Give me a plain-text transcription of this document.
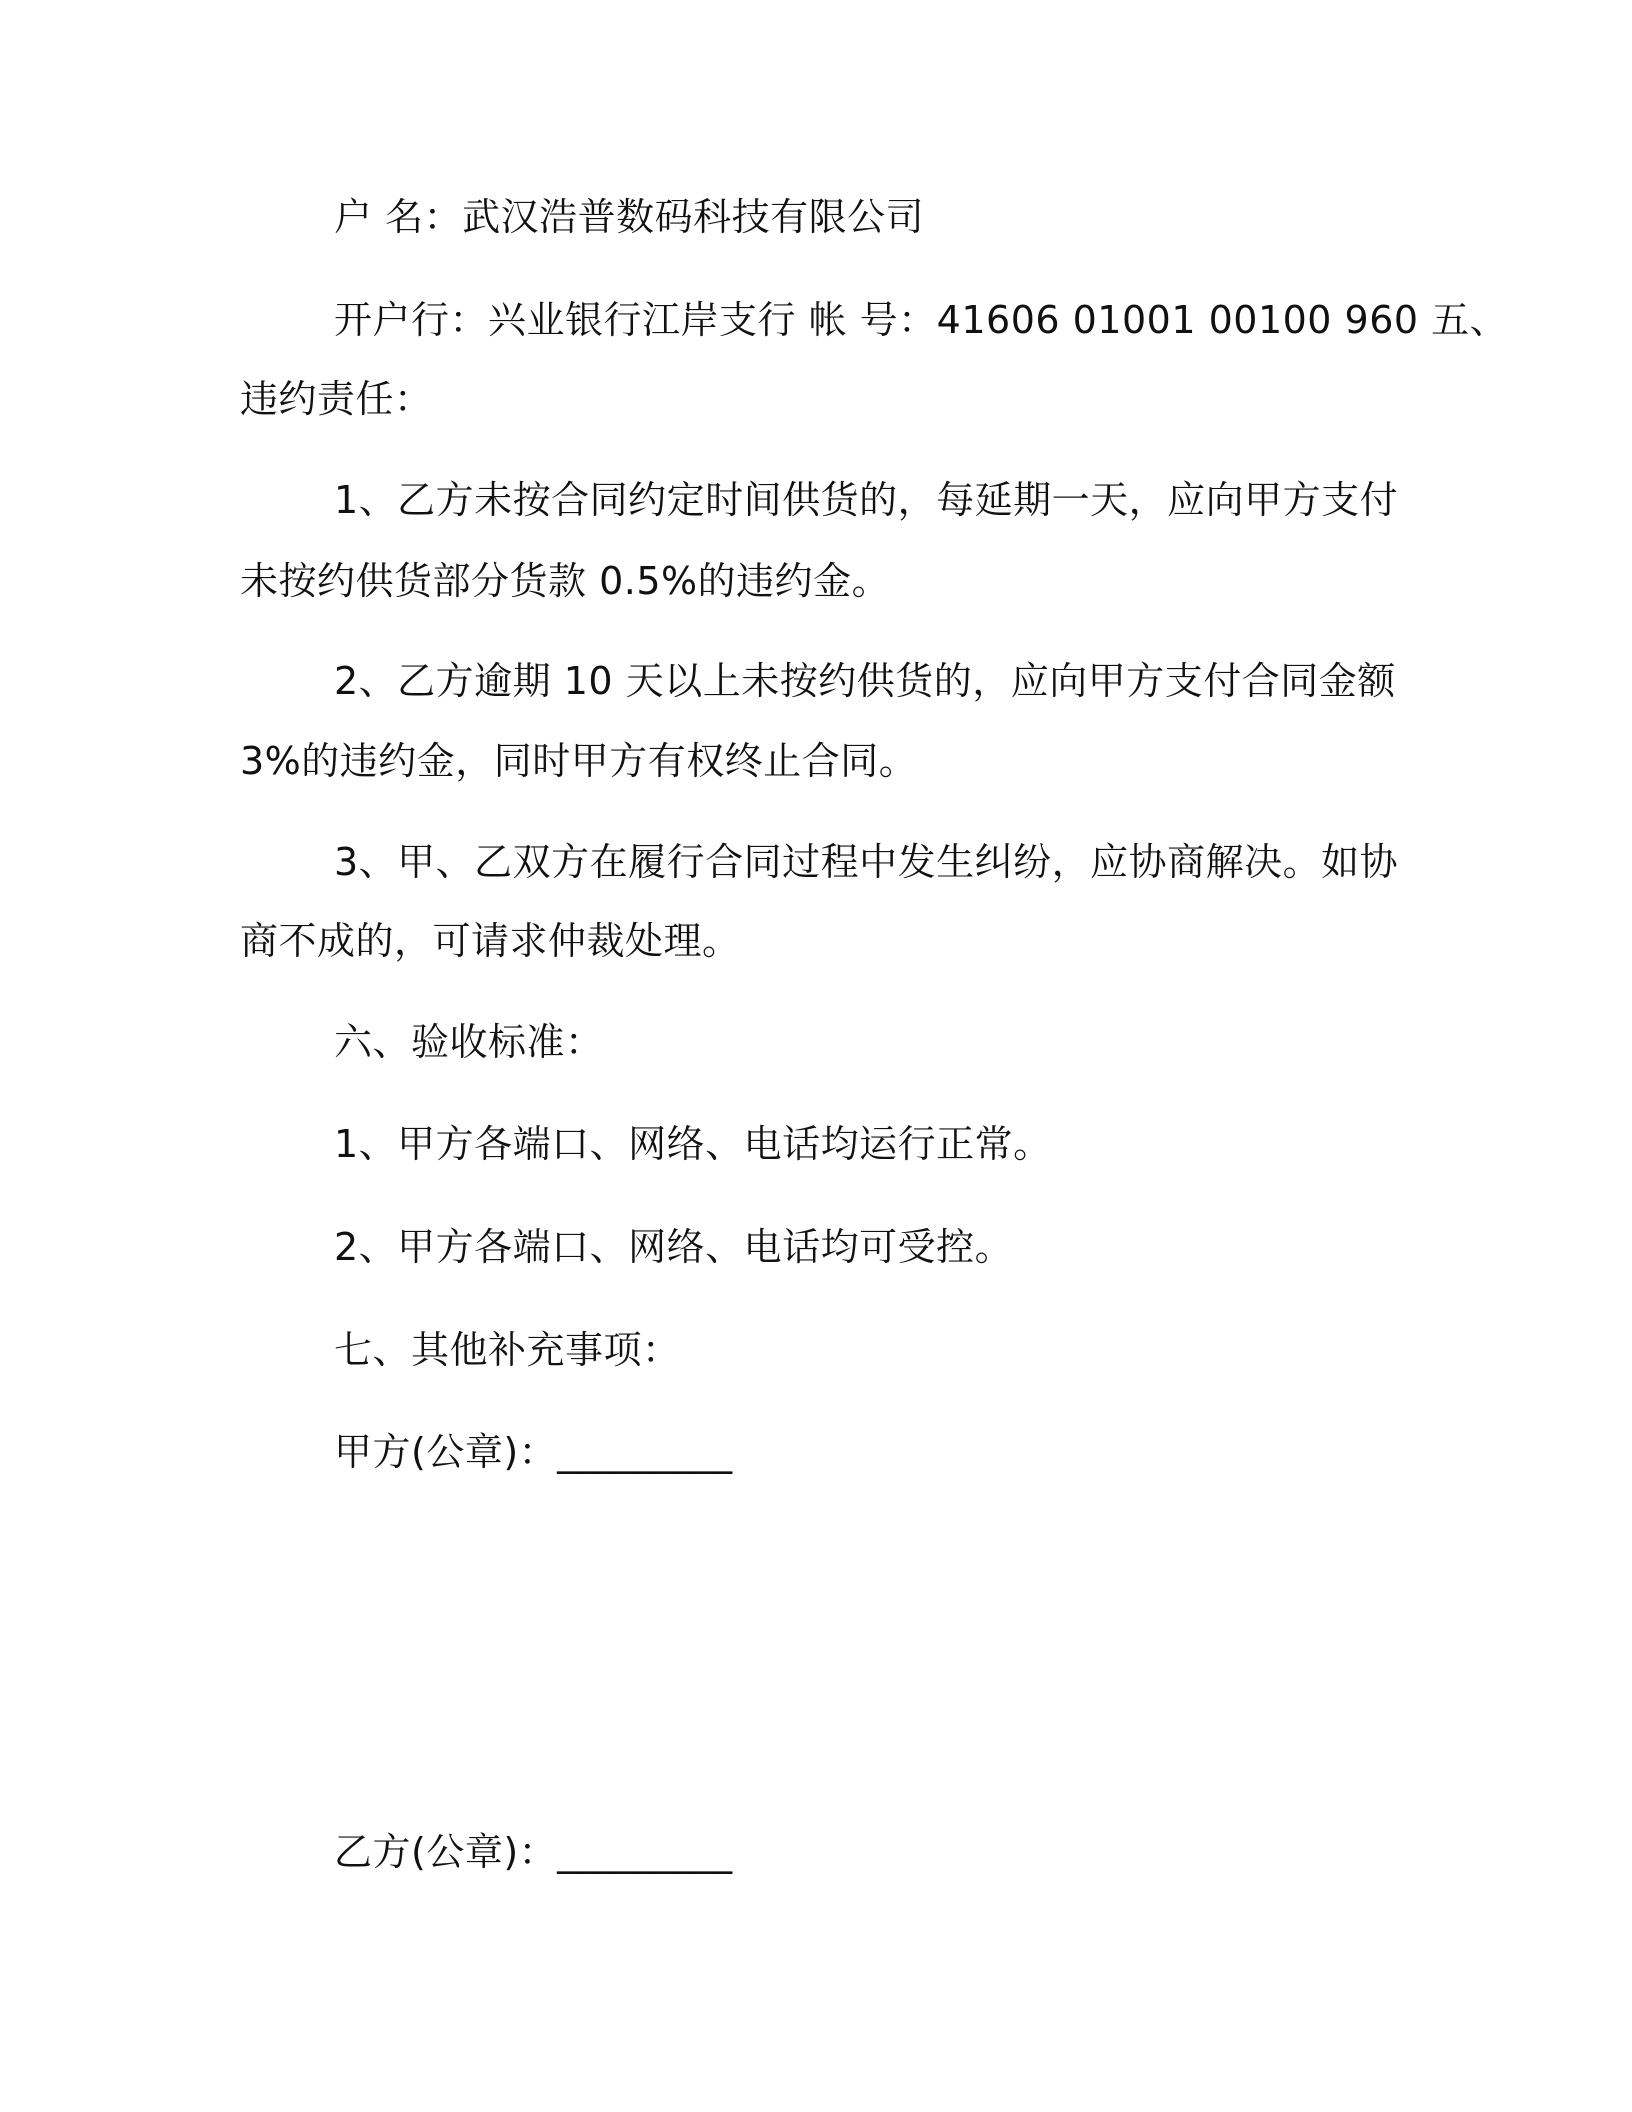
户 名：武汉浩普数码科技有限公司
开户行：兴业银行江岸支行 帐 号：41606 01001 00100 960 五、
违约责任：
1、乙方未按合同约定时间供货的，每延期一天，应向甲方支付
未按约供货部分货款 0.5%的违约金。
2、乙方逾期 10 天以上未按约供货的，应向甲方支付合同金额
3%的违约金，同时甲方有权终止合同。
3、甲、乙双方在履行合同过程中发生纠纷，应协商解决。如协
商不成的，可请求仲裁处理。
六、验收标准：
1、甲方各端口、网络、电话均运行正常。
2、甲方各端口、网络、电话均可受控。
七、其他补充事项：
甲方(公章)：_________
乙方(公章)：_________
